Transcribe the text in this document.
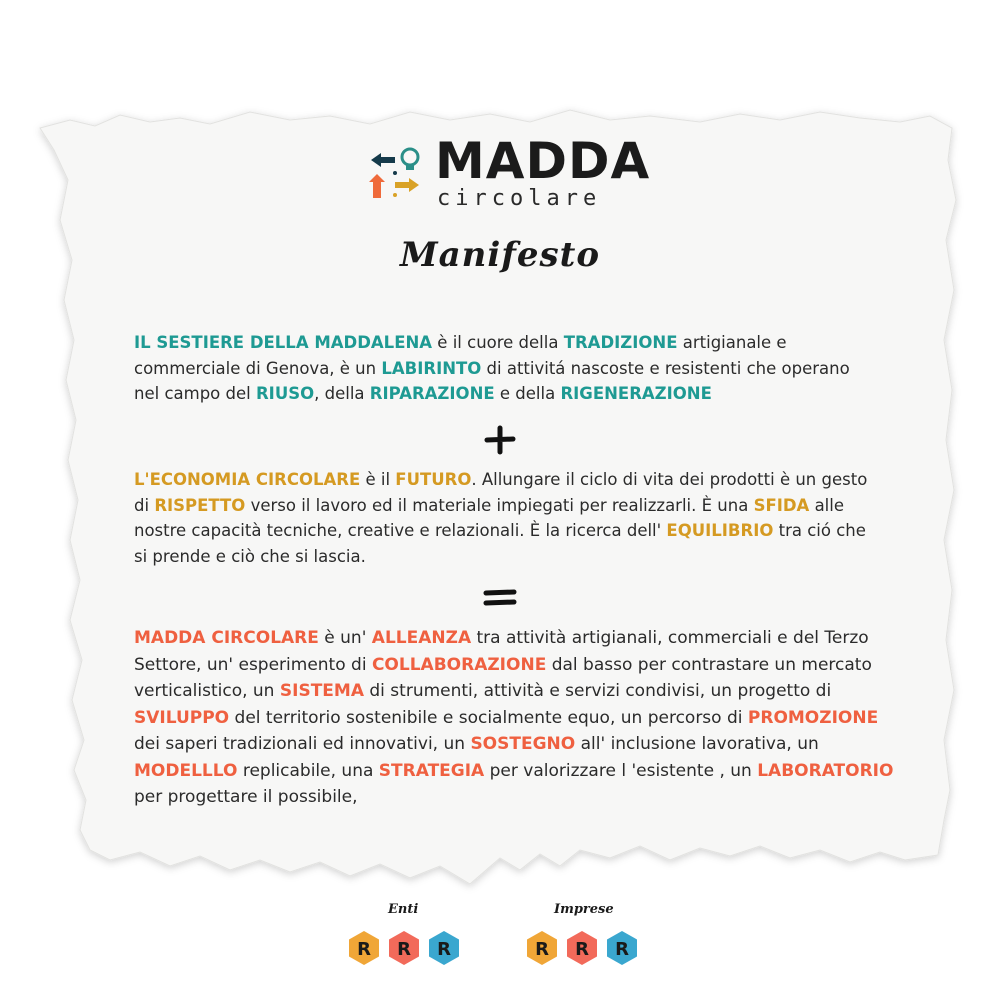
MADDA
circolare
Manifesto

IL SESTIERE DELLA MADDALENA è il cuore della TRADIZIONE artigianale e commerciale di Genova, è un LABIRINTO di attivitá nascoste e resistenti che operano nel campo del RIUSO, della RIPARAZIONE e della RIGENERAZIONE

L'ECONOMIA CIRCOLARE è il FUTURO. Allungare il ciclo di vita dei prodotti è un gesto di RISPETTO verso il lavoro ed il materiale impiegati per realizzarli. È una SFIDA alle nostre capacità tecniche, creative e relazionali. È la ricerca dell' EQUILIBRIO tra ció che si prende e ciò che si lascia.

MADDA CIRCOLARE è un' ALLEANZA tra attività artigianali, commerciali e del Terzo Settore, un' esperimento di COLLABORAZIONE dal basso per contrastare un mercato verticalistico, un SISTEMA di strumenti, attività e servizi condivisi, un progetto di SVILUPPO del territorio sostenibile e socialmente equo, un percorso di PROMOZIONE dei saperi tradizionali ed innovativi, un SOSTEGNO all' inclusione lavorativa, un MODELLLO replicabile, una STRATEGIA per valorizzare l 'esistente , un LABORATORIO per progettare il possibile,

Enti
R R R
Imprese
R R R
